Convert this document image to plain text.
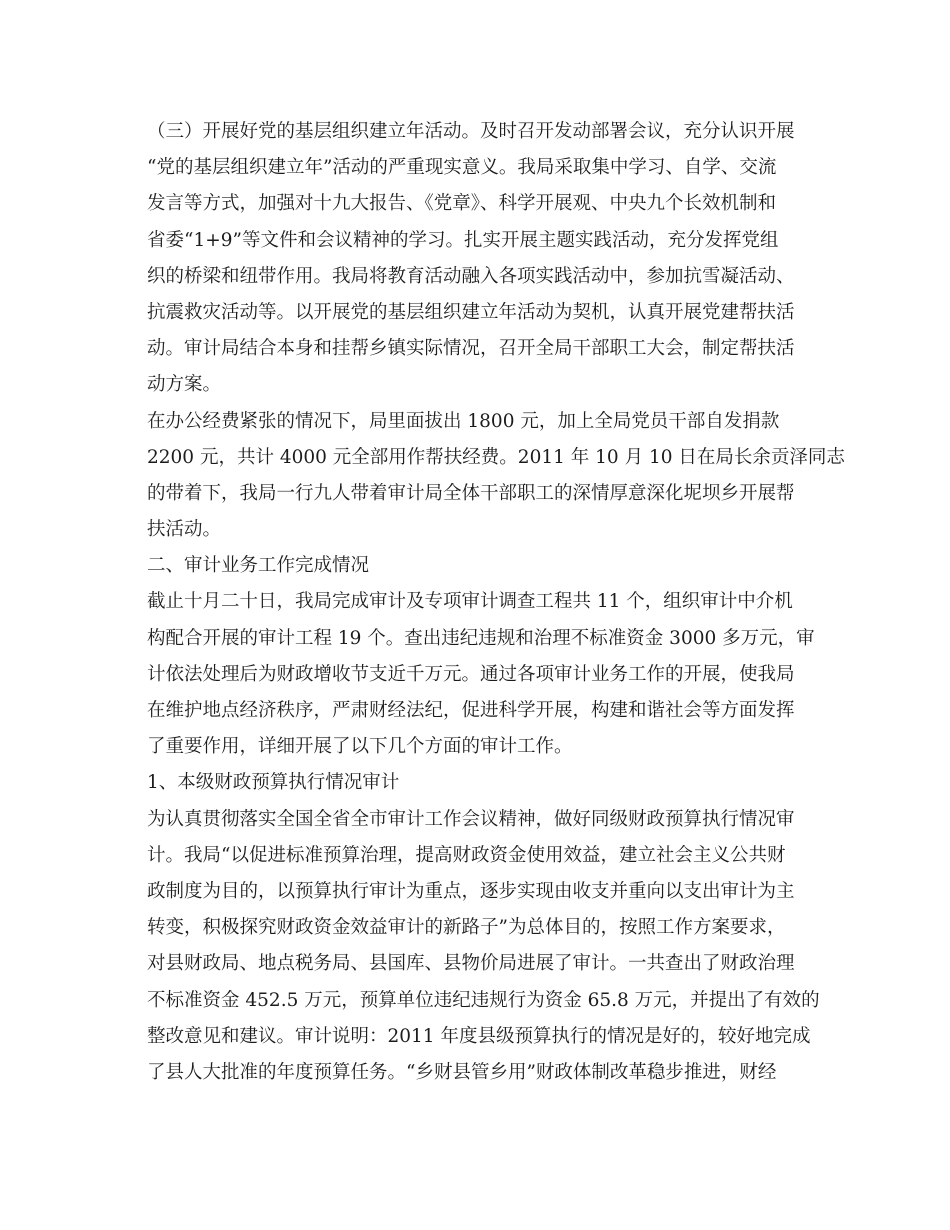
（三）开展好党的基层组织建立年活动。及时召开发动部署会议，充分认识开展
“党的基层组织建立年”活动的严重现实意义。我局采取集中学习、自学、交流
发言等方式，加强对十九大报告、《党章》、科学开展观、中央九个长效机制和
省委“1+9”等文件和会议精神的学习。扎实开展主题实践活动，充分发挥党组
织的桥梁和纽带作用。我局将教育活动融入各项实践活动中，参加抗雪凝活动、
抗震救灾活动等。以开展党的基层组织建立年活动为契机，认真开展党建帮扶活
动。审计局结合本身和挂帮乡镇实际情况，召开全局干部职工大会，制定帮扶活
动方案。
在办公经费紧张的情况下，局里面拔出 1800 元，加上全局党员干部自发捐款
2200 元，共计 4000 元全部用作帮扶经费。2011 年 10 月 10 日在局长余贡泽同志
的带着下，我局一行九人带着审计局全体干部职工的深情厚意深化坭坝乡开展帮
扶活动。
二、审计业务工作完成情况
截止十月二十日，我局完成审计及专项审计调查工程共 11 个，组织审计中介机
构配合开展的审计工程 19 个。查出违纪违规和治理不标准资金 3000 多万元，审
计依法处理后为财政增收节支近千万元。通过各项审计业务工作的开展，使我局
在维护地点经济秩序，严肃财经法纪，促进科学开展，构建和谐社会等方面发挥
了重要作用，详细开展了以下几个方面的审计工作。
1、本级财政预算执行情况审计
为认真贯彻落实全国全省全市审计工作会议精神，做好同级财政预算执行情况审
计。我局“以促进标准预算治理，提高财政资金使用效益，建立社会主义公共财
政制度为目的，以预算执行审计为重点，逐步实现由收支并重向以支出审计为主
转变，积极探究财政资金效益审计的新路子”为总体目的，按照工作方案要求，
对县财政局、地点税务局、县国库、县物价局进展了审计。一共查出了财政治理
不标准资金 452.5 万元，预算单位违纪违规行为资金 65.8 万元，并提出了有效的
整改意见和建议。审计说明：2011 年度县级预算执行的情况是好的，较好地完成
了县人大批准的年度预算任务。“乡财县管乡用”财政体制改革稳步推进，财经
